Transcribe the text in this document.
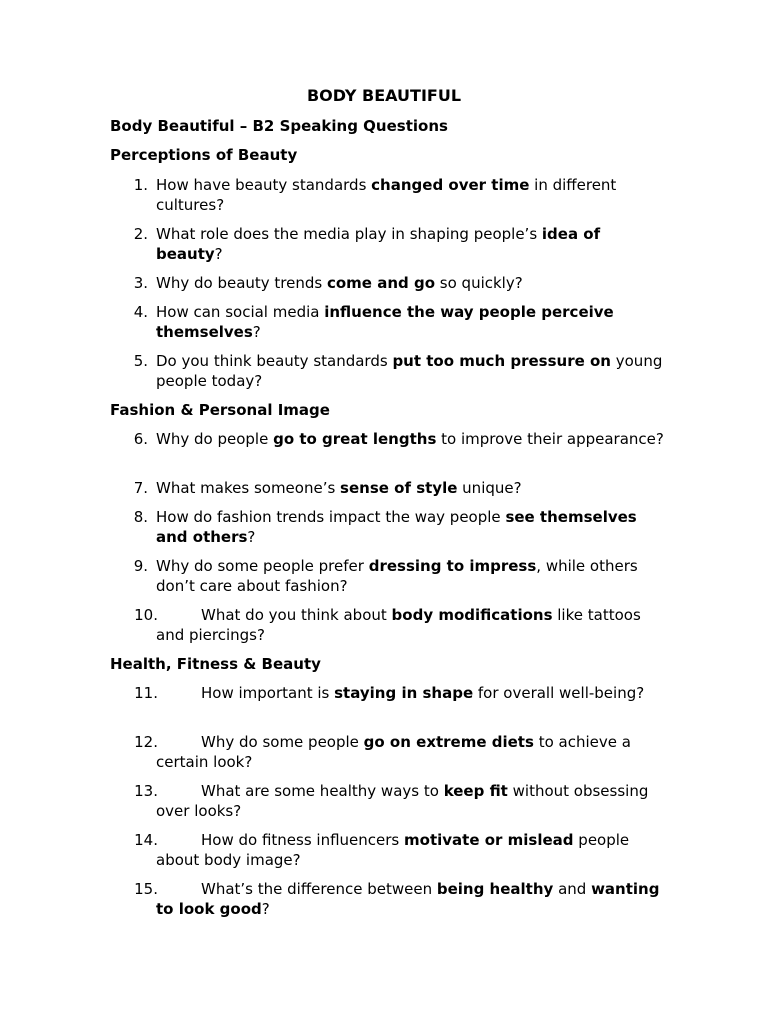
BODY BEAUTIFUL
Body Beautiful – B2 Speaking Questions
Perceptions of Beauty
1. How have beauty standards changed over time in different cultures?
2. What role does the media play in shaping people’s idea of beauty?
3. Why do beauty trends come and go so quickly?
4. How can social media influence the way people perceive themselves?
5. Do you think beauty standards put too much pressure on young people today?
Fashion & Personal Image
6. Why do people go to great lengths to improve their appearance?
7. What makes someone’s sense of style unique?
8. How do fashion trends impact the way people see themselves and others?
9. Why do some people prefer dressing to impress, while others don’t care about fashion?
10.	What do you think about body modifications like tattoos and piercings?
Health, Fitness & Beauty
11.	How important is staying in shape for overall well-being?
12.	Why do some people go on extreme diets to achieve a certain look?
13.	What are some healthy ways to keep fit without obsessing over looks?
14.	How do fitness influencers motivate or mislead people about body image?
15.	What’s the difference between being healthy and wanting to look good?
